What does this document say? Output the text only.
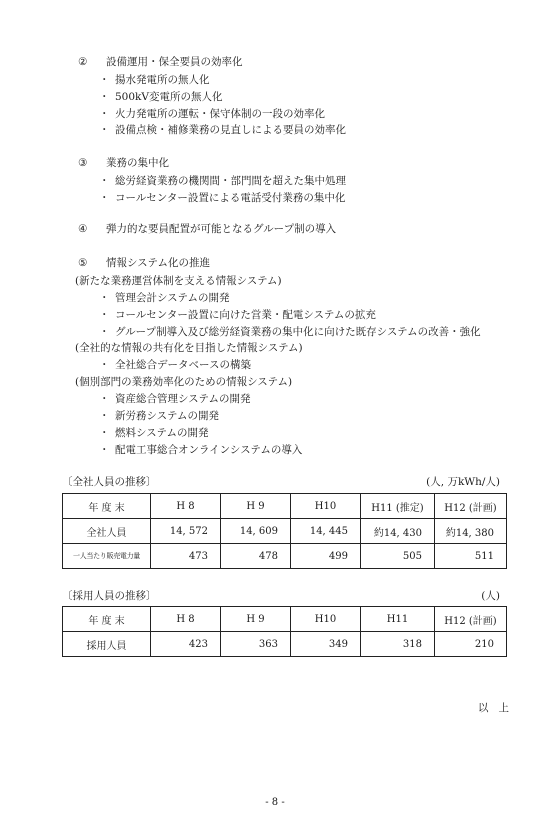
② 設備運用・保全要員の効率化
・ 揚水発電所の無人化
・ 500kV変電所の無人化
・ 火力発電所の運転・保守体制の一段の効率化
・ 設備点検・補修業務の見直しによる要員の効率化
③ 業務の集中化
・ 総労経資業務の機関間・部門間を超えた集中処理
・ コールセンター設置による電話受付業務の集中化
④ 弾力的な要員配置が可能となるグループ制の導入
⑤ 情報システム化の推進
(新たな業務運営体制を支える情報システム)
・ 管理会計システムの開発
・ コールセンター設置に向けた営業・配電システムの拡充
・ グループ制導入及び総労経資業務の集中化に向けた既存システムの改善・強化
(全社的な情報の共有化を目指した情報システム)
・ 全社総合データベースの構築
(個別部門の業務効率化のための情報システム)
・ 資産総合管理システムの開発
・ 新労務システムの開発
・ 燃料システムの開発
・ 配電工事総合オンラインシステムの導入
〔全社人員の推移〕	(人, 万kWh/人)
年 度 末	H 8	H 9	H10	H11 (推定)	H12 (計画)
全社人員	14, 572	14, 609	14, 445	約14, 430	約14, 380
一人当たり販売電力量	473	478	499	505	511
〔採用人員の推移〕	(人)
年 度 末	H 8	H 9	H10	H11	H12 (計画)
採用人員	423	363	349	318	210
以上
- 8 -
